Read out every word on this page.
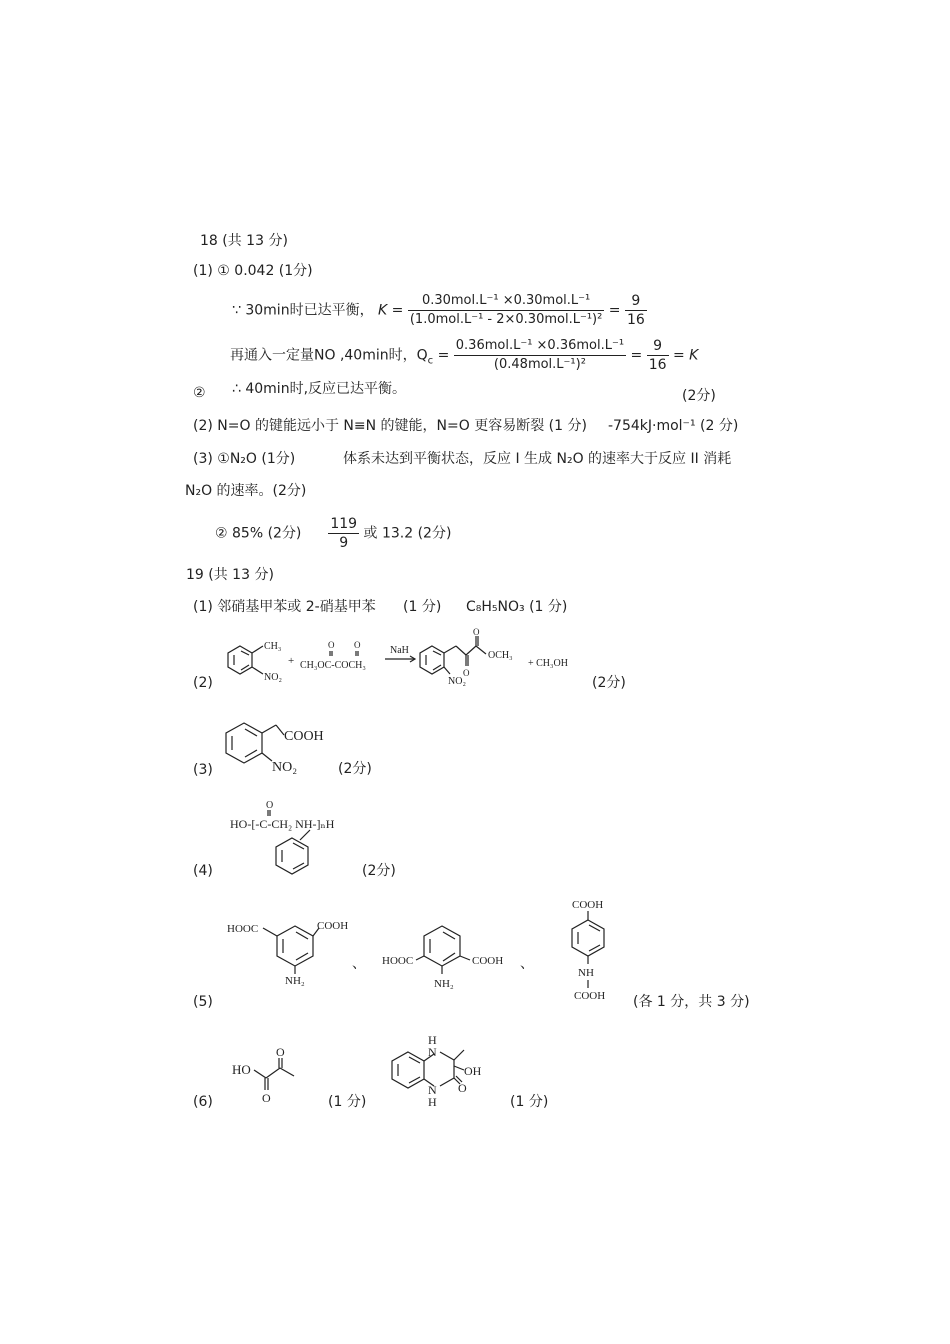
18 (共 13 分)
(1) ① 0.042 (1分)
∵ 30min时已达平衡， $K = \frac{\text{0.30mol.L⁻¹ ×0.30mol.L⁻¹}}{\text{(1.0mol.L⁻¹ - 2×0.30mol.L⁻¹)²}} = \frac{9}{16}$
再通入一定量NO ,40min时，$Q_c = \frac{\text{0.36mol.L⁻¹ ×0.36mol.L⁻¹}}{\text{(0.48mol.L⁻¹)²}} = \frac{9}{16} = K$
② ∴ 40min时,反应已达平衡。	(2分)
(2) N=O 的键能远小于 N≡N 的键能，N=O 更容易断裂 (1 分) -754kJ·mol⁻¹ (2 分)
(3) ①N₂O (1分)	体系未达到平衡状态，反应 I 生成 N₂O 的速率大于反应 II 消耗
N₂O 的速率。(2分)
② 85% (2分) $\frac{119}{9}$ 或 13.2 (2分)
19 (共 13 分)
(1) 邻硝基甲苯或 2-硝基甲苯 (1 分) C₈H₅NO₃ (1 分)
(2)	(2分)
CH₃
NO₂
+
O O
CH₃OC-COCH₃
NaH
O
O
OCH₃
NO₂
+ CH₃OH
(3)	(2分)
COOH
NO₂
(4)	(2分)
O
HO-[-C-CH₂ NH-]ₙH
(5)	(各 1 分，共 3 分)
HOOC	COOH
NH₂
、 HOOC	COOH
NH₂
、
COOH
NH
COOH
(6)	(1 分)	(1 分)
HO
O
O
H
N
N
H
OH
O
